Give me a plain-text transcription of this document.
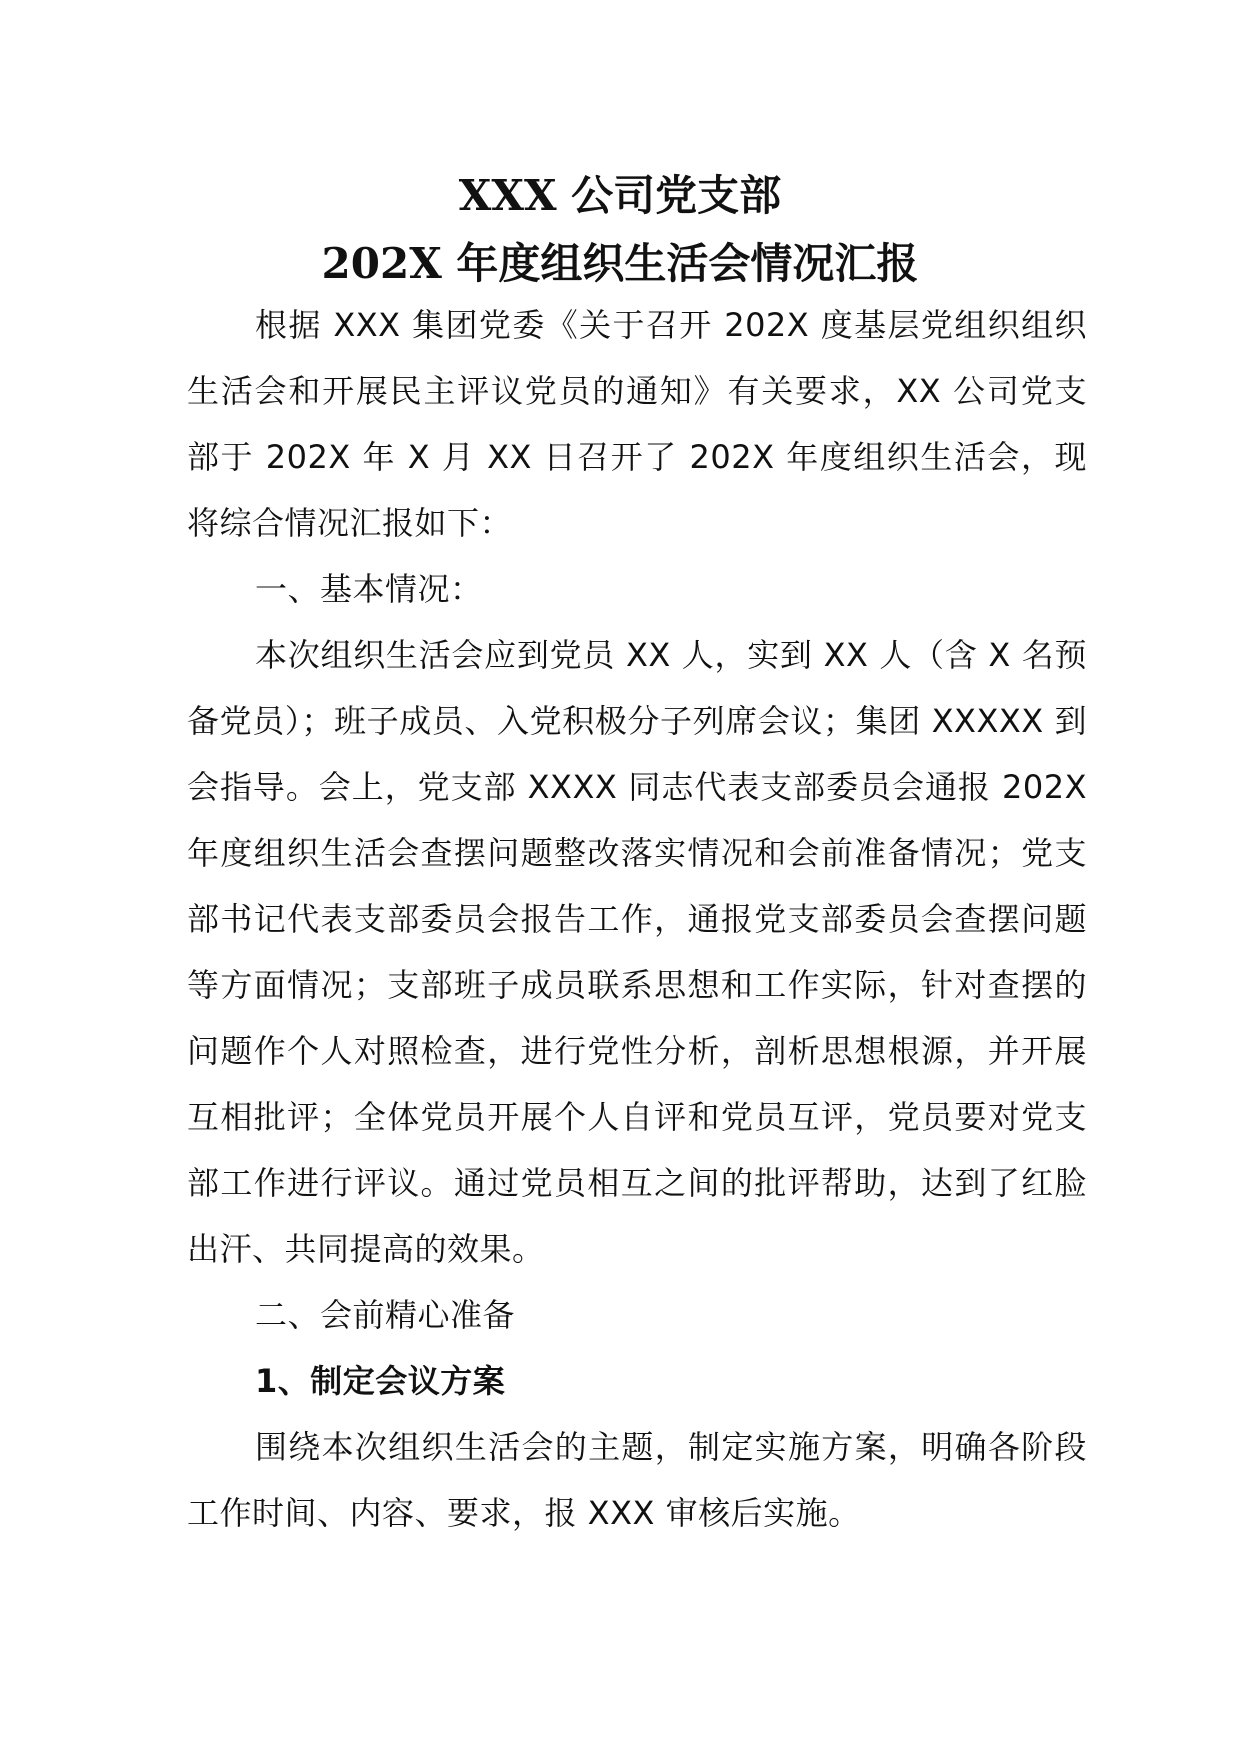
XXX 公司党支部
202X 年度组织生活会情况汇报

根据 XXX 集团党委《关于召开 202X 度基层党组织组织生活会和开展民主评议党员的通知》有关要求，XX 公司党支部于 202X 年 X 月 XX 日召开了 202X 年度组织生活会，现将综合情况汇报如下：

一、基本情况：

本次组织生活会应到党员 XX 人，实到 XX 人（含 X 名预备党员）；班子成员、入党积极分子列席会议；集团 XXXXX 到会指导。会上，党支部 XXXX 同志代表支部委员会通报 202X 年度组织生活会查摆问题整改落实情况和会前准备情况；党支部书记代表支部委员会报告工作，通报党支部委员会查摆问题等方面情况；支部班子成员联系思想和工作实际，针对查摆的问题作个人对照检查，进行党性分析，剖析思想根源，并开展互相批评；全体党员开展个人自评和党员互评，党员要对党支部工作进行评议。通过党员相互之间的批评帮助，达到了红脸出汗、共同提高的效果。

二、会前精心准备

1、制定会议方案

围绕本次组织生活会的主题，制定实施方案，明确各阶段工作时间、内容、要求，报 XXX 审核后实施。
